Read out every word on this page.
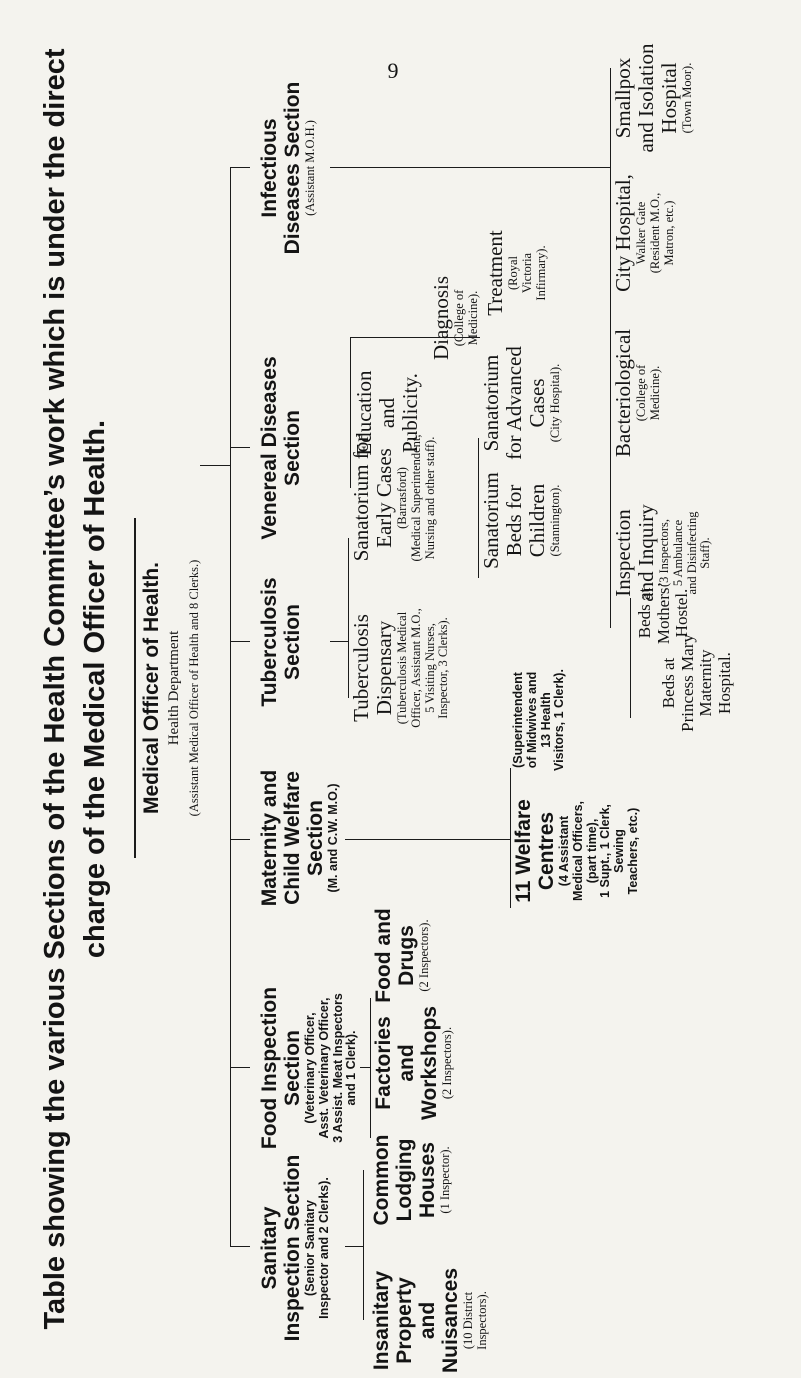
9
Table showing the various Sections of the Health Committee’s work which is under the direct charge of the Medical Officer of Health. Medical Officer of Health. Health Department (Assistant Medical Officer of Health and 8 Clerks.)
Sanitary Inspection Section (Senior Sanitary Inspector and 2 Clerks).
Food Inspection Section (Veterinary Officer, Asst. Veterinary Officer, 3 Assist. Meat Inspectors and 1 Clerk).
Maternity and Child Welfare Section (M. and C.W. M.O.)
Tuberculosis Section
Venereal Diseases Section
Infectious Diseases Section (Assistant M.O.H.)
Insanitary Property and Nuisances (10 District Inspectors).
Common Lodging Houses (1 Inspector).
Factories and Workshops (2 Inspectors).
Food and Drugs (2 Inspectors).
11 Welfare Centres (4 Assistant Medical Officers, (part time), 1 Supt., 1 Clerk, Sewing Teachers, etc.)
(Superintendent of Midwives and 13 Health Visitors, 1 Clerk).	Beds at Princess Mary Maternity Hospital.
Beds at Mothers’ Hostel.
Tuberculosis Dispensary (Tuberculosis Medical Officer, Assistant M.O., 5 Visiting Nurses, Inspector, 3 Clerks).
Sanatorium for Early Cases (Barrasford) (Medical Superintendent, Nursing and other staff). Sanatorium Beds for Children (Stannington).
Sanatorium for Advanced Cases (City Hospital).
Education and Publicity.
Diagnosis (College of Medicine).
Treatment (Royal Victoria Infirmary).
Inspection and Inquiry (3 Inspectors, 5 Ambulance and Disinfecting Staff).
Bacteriological (College of Medicine).
City Hospital, Walker Gate (Resident M.O., Matron, etc.)
Smallpox and Isolation Hospital (Town Moor).
